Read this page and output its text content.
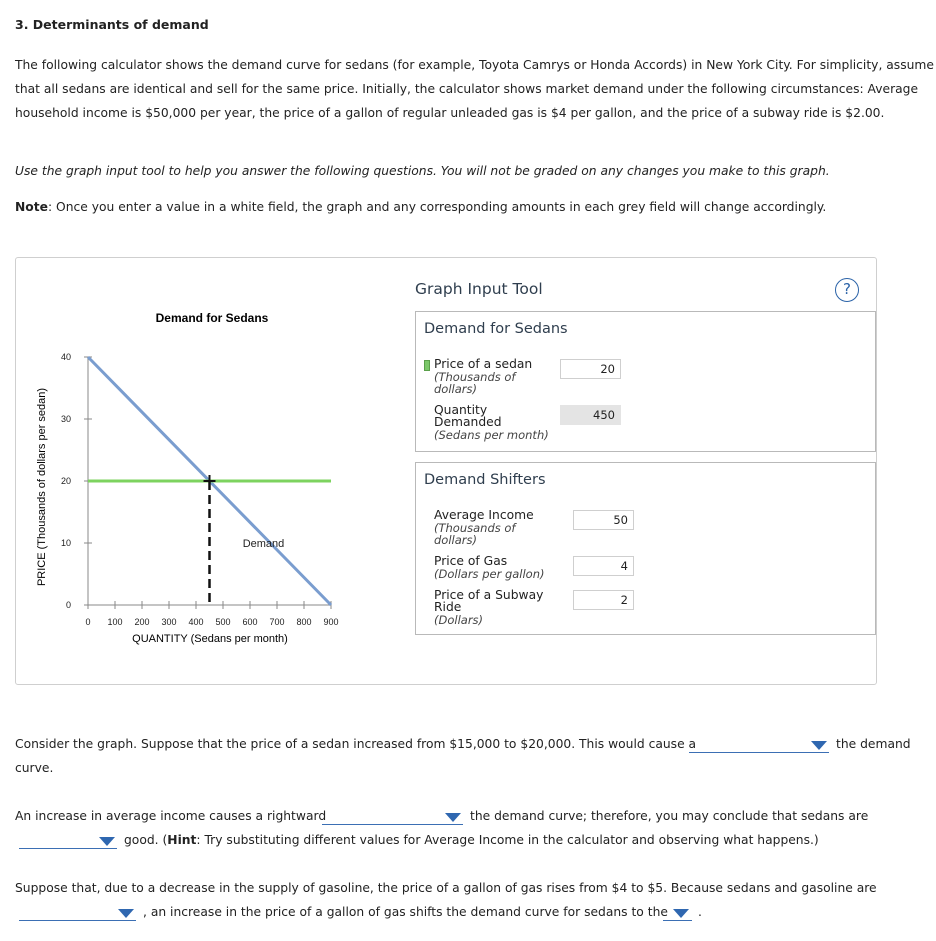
3. Determinants of demand

The following calculator shows the demand curve for sedans (for example, Toyota Camrys or Honda Accords) in New York City. For simplicity, assume

that all sedans are identical and sell for the same price. Initially, the calculator shows market demand under the following circumstances: Average

household income is $50,000 per year, the price of a gallon of regular unleaded gas is $4 per gallon, and the price of a subway ride is $2.00.

Use the graph input tool to help you answer the following questions. You will not be graded on any changes you make to this graph.
Note: Once you enter a value in a white field, the graph and any corresponding amounts in each grey field will change accordingly.
Demand for Sedans
PRICE (Thousands of dollars per sedan)
QUANTITY (Sedans per month)
0
10
20
30
40
0 100 200 300 400 500 600 700 800 900
Demand
Graph Input Tool	?
Demand for Sedans
Price of a sedan
(Thousands of
dollars)
20
Quantity
Demanded
(Sedans per month)
450
Demand Shifters
Average Income
(Thousands of
dollars)
50
Price of Gas
(Dollars per gallon)
4
Price of a Subway
Ride
(Dollars)
2
Consider the graph. Suppose that the price of a sedan increased from $15,000 to $20,000. This would cause a	the demand
curve.
An increase in average income causes a rightward	the demand curve; therefore, you may conclude that sedans are
good. (Hint: Try substituting different values for Average Income in the calculator and observing what happens.)
Suppose that, due to a decrease in the supply of gasoline, the price of a gallon of gas rises from $4 to $5. Because sedans and gasoline are
, an increase in the price of a gallon of gas shifts the demand curve for sedans to the .
